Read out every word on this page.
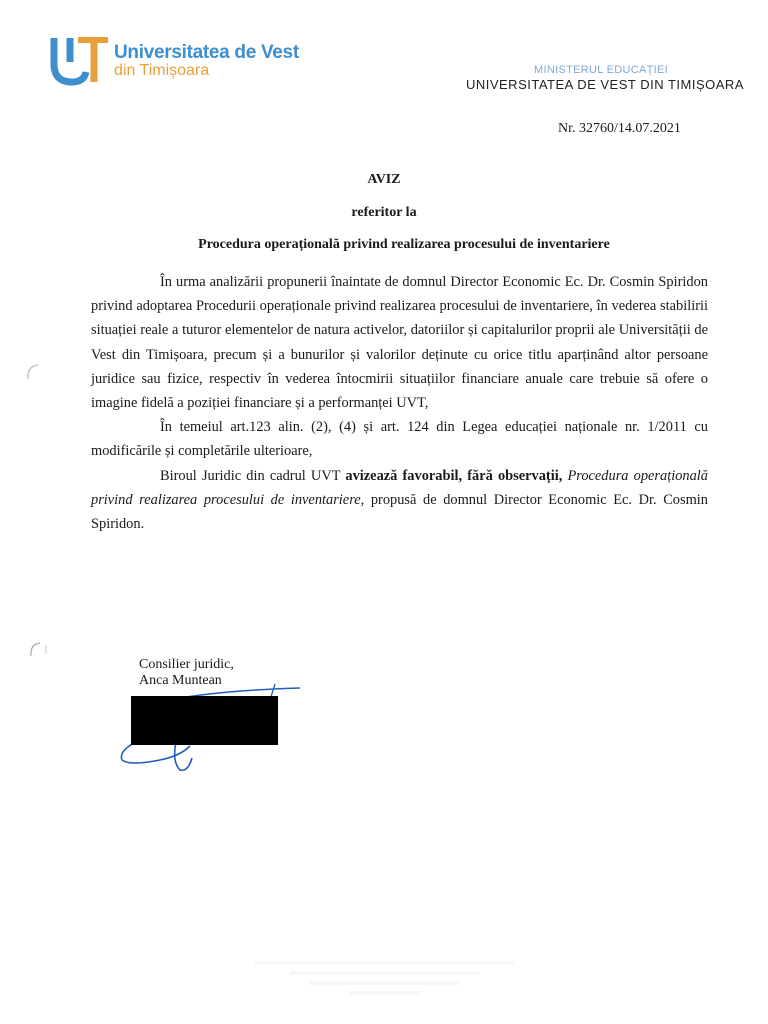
Universitatea de Vest
din Timișoara	MINISTERUL EDUCAȚIEI
UNIVERSITATEA DE VEST DIN TIMIȘOARA
Nr. 32760/14.07.2021
AVIZ
referitor la
Procedura operațională privind realizarea procesului de inventariere

În urma analizării propunerii înaintate de domnul Director Economic Ec. Dr. Cosmin Spiridon privind adoptarea Procedurii operaționale privind realizarea procesului de inventariere, în vederea stabilirii situației reale a tuturor elementelor de natura activelor, datoriilor și capitalurilor proprii ale Universității de Vest din Timișoara, precum și a bunurilor și valorilor deținute cu orice titlu aparținând altor persoane juridice sau fizice, respectiv în vederea întocmirii situațiilor financiare anuale care trebuie să ofere o imagine fidelă a poziției financiare și a performanței UVT,

În temeiul art.123 alin. (2), (4) și art. 124 din Legea educației naționale nr. 1/2011 cu modificările și completările ulterioare,

Biroul Juridic din cadrul UVT avizează favorabil, fără observații, Procedura operațională privind realizarea procesului de inventariere, propusă de domnul Director Economic Ec. Dr. Cosmin Spiridon.

Consilier juridic,
Anca Muntean
